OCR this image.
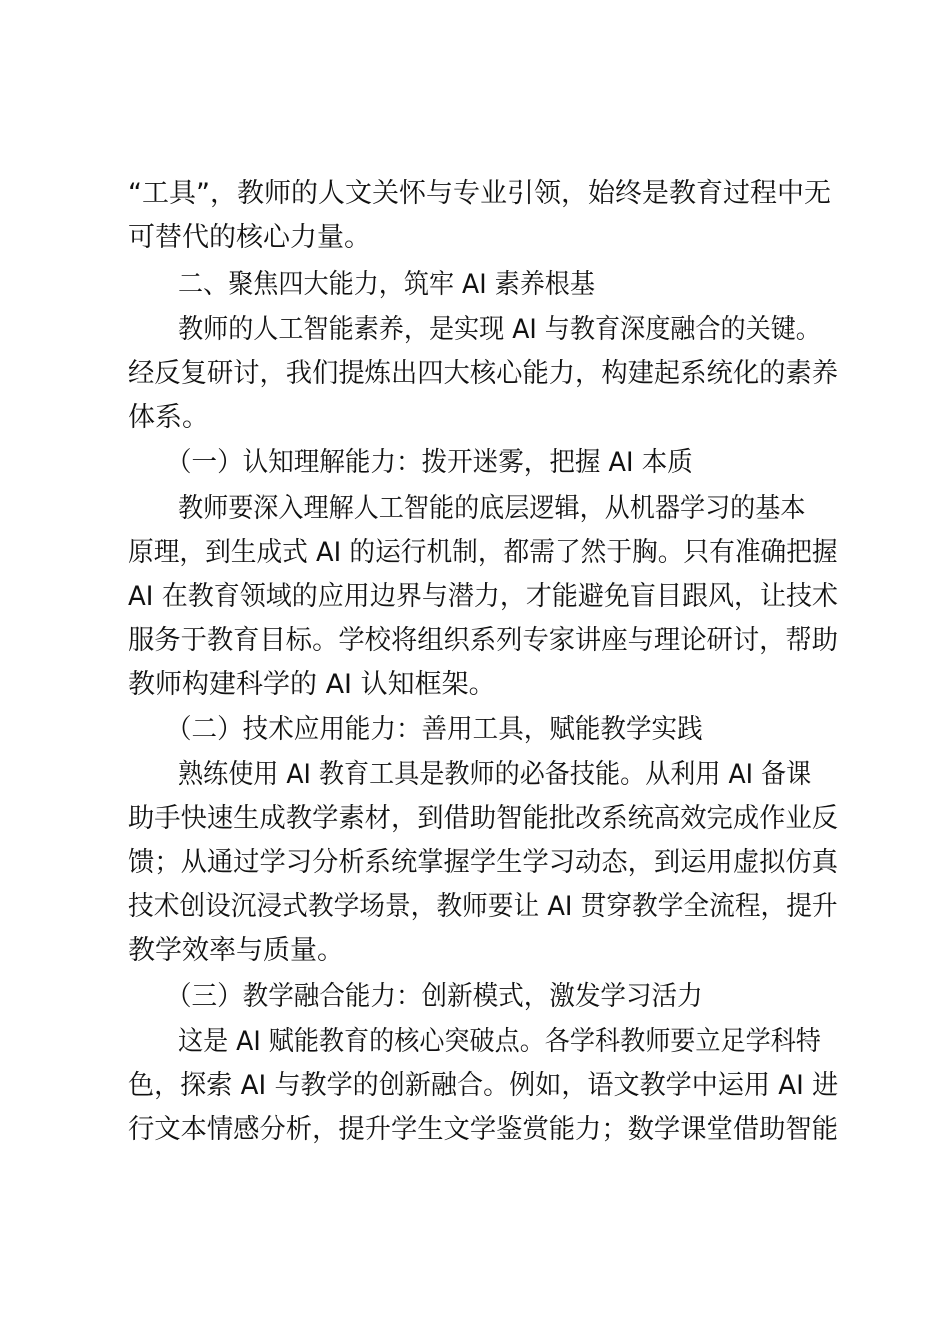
“工具”，教师的人文关怀与专业引领，始终是教育过程中无
可替代的核心力量。
二、聚焦四大能力，筑牢 AI 素养根基
教师的人工智能素养，是实现 AI 与教育深度融合的关键。
经反复研讨，我们提炼出四大核心能力，构建起系统化的素养
体系。
（一）认知理解能力：拨开迷雾，把握 AI 本质
教师要深入理解人工智能的底层逻辑，从机器学习的基本
原理，到生成式 AI 的运行机制，都需了然于胸。只有准确把握
AI 在教育领域的应用边界与潜力，才能避免盲目跟风，让技术
服务于教育目标。学校将组织系列专家讲座与理论研讨，帮助
教师构建科学的 AI 认知框架。
（二）技术应用能力：善用工具，赋能教学实践
熟练使用 AI 教育工具是教师的必备技能。从利用 AI 备课
助手快速生成教学素材，到借助智能批改系统高效完成作业反
馈；从通过学习分析系统掌握学生学习动态，到运用虚拟仿真
技术创设沉浸式教学场景，教师要让 AI 贯穿教学全流程，提升
教学效率与质量。
（三）教学融合能力：创新模式，激发学习活力
这是 AI 赋能教育的核心突破点。各学科教师要立足学科特
色，探索 AI 与教学的创新融合。例如，语文教学中运用 AI 进
行文本情感分析，提升学生文学鉴赏能力；数学课堂借助智能
